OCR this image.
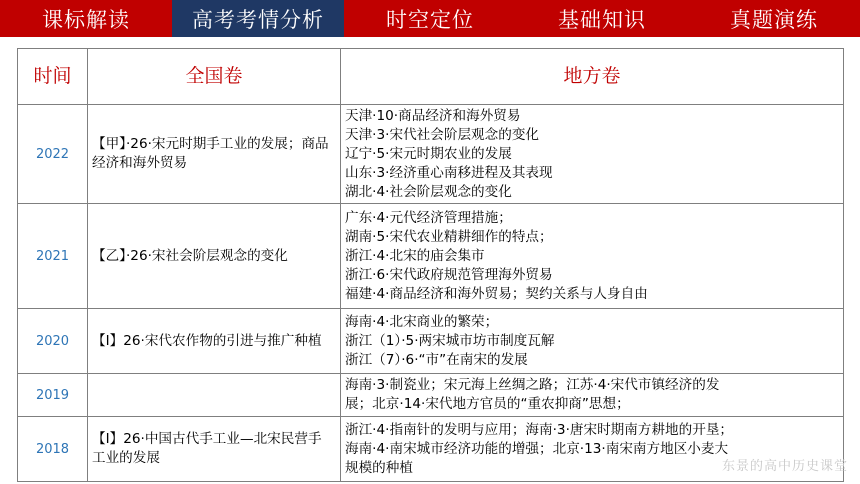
课标解读	高考考情分析	时空定位	基础知识	真题演练
时间	全国卷	地方卷
2022	【甲】·26·宋元时期手工业的发展；商品经济和海外贸易	天津·10·商品经济和海外贸易
天津·3·宋代社会阶层观念的变化
辽宁·5·宋元时期农业的发展
山东·3·经济重心南移进程及其表现
湖北·4·社会阶层观念的变化

2021	【乙】·26·宋社会阶层观念的变化	广东·4·元代经济管理措施；
湖南·5·宋代农业精耕细作的特点；
浙江·4·北宋的庙会集市
浙江·6·宋代政府规范管理海外贸易
福建·4·商品经济和海外贸易；契约关系与人身自由

2020	【Ⅰ】26·宋代农作物的引进与推广种植	海南·4·北宋商业的繁荣；
浙江（1）·5·两宋城市坊市制度瓦解
浙江（7）·6·“市”在南宋的发展

2019		海南·3·制瓷业；宋元海上丝绸之路；江苏·4·宋代市镇经济的发
展；北京·14·宋代地方官员的“重农抑商”思想；

2018	【Ⅰ】26·中国古代手工业—北宋民营手工业的发展	浙江·4·指南针的发明与应用；海南·3·唐宋时期南方耕地的开垦；
海南·4·南宋城市经济功能的增强；北京·13·南宋南方地区小麦大
规模的种植	东景的高中历史课堂
